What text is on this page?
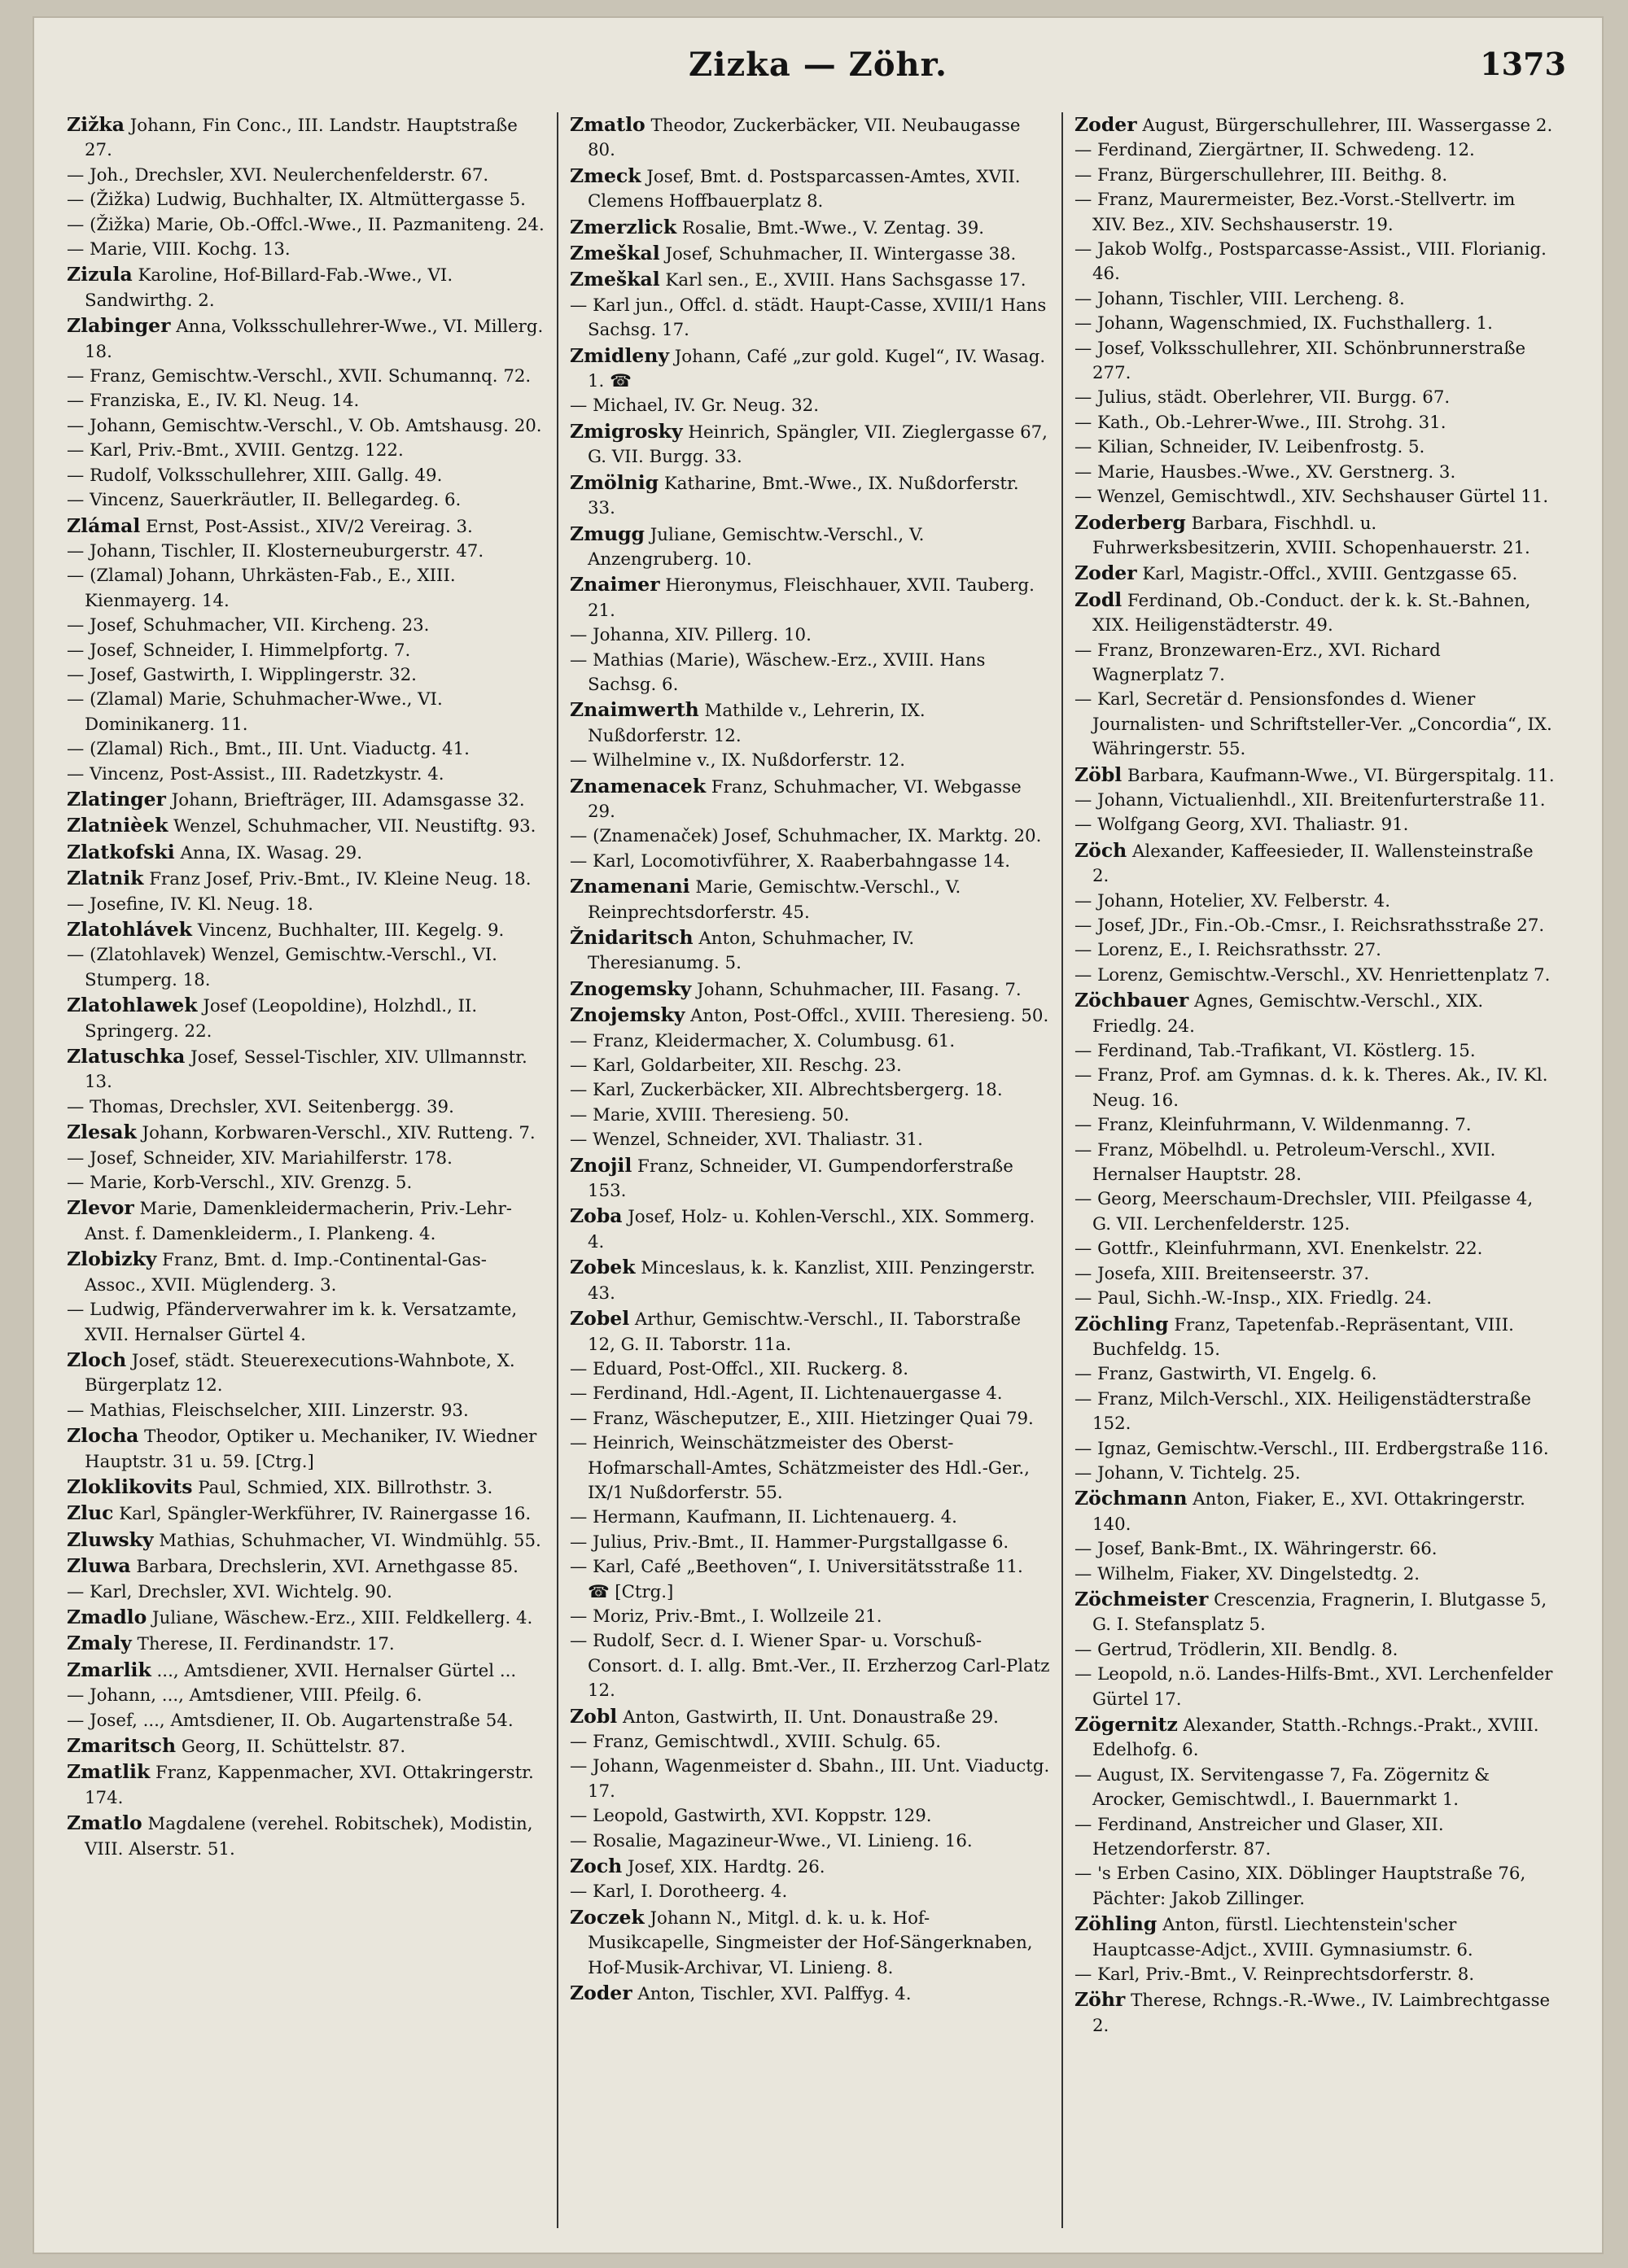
Zizka — Zöhr.	1373
Zižka Johann, Fin Conc., III. Landstr. Hauptstraße 27.
— Joh., Drechsler, XVI. Neulerchenfelderstr. 67.
— (Žižka) Ludwig, Buchhalter, IX. Altmüttergasse 5.
— (Žižka) Marie, Ob.-Offcl.-Wwe., II. Pazmaniteng. 24.
— Marie, VIII. Kochg. 13.
Zizula Karoline, Hof-Billard-Fab.-Wwe., VI. Sandwirthg. 2.
Zlabinger Anna, Volksschullehrer-Wwe., VI. Millerg. 18.
— Franz, Gemischtw.-Verschl., XVII. Schumannq. 72.
— Franziska, E., IV. Kl. Neug. 14.
— Johann, Gemischtw.-Verschl., V. Ob. Amtshausg. 20.
— Karl, Priv.-Bmt., XVIII. Gentzg. 122.
— Rudolf, Volksschullehrer, XIII. Gallg. 49.
— Vincenz, Sauerkräutler, II. Bellegardeg. 6.
Zlámal Ernst, Post-Assist., XIV/2 Vereirag. 3.
— Johann, Tischler, II. Klosterneuburgerstr. 47.
— (Zlamal) Johann, Uhrkästen-Fab., E., XIII. Kienmayerg. 14.
— Josef, Schuhmacher, VII. Kircheng. 23.
— Josef, Schneider, I. Himmelpfortg. 7.
— Josef, Gastwirth, I. Wipplingerstr. 32.
— (Zlamal) Marie, Schuhmacher-Wwe., VI. Dominikanerg. 11.
— (Zlamal) Rich., Bmt., III. Unt. Viaductg. 41.
— Vincenz, Post-Assist., III. Radetzkystr. 4.
Zlatinger Johann, Briefträger, III. Adamsgasse 32.
Zlatnièek Wenzel, Schuhmacher, VII. Neustiftg. 93.
Zlatkofski Anna, IX. Wasag. 29.
Zlatnik Franz Josef, Priv.-Bmt., IV. Kleine Neug. 18.
— Josefine, IV. Kl. Neug. 18.
Zlatohlávek Vincenz, Buchhalter, III. Kegelg. 9.
— (Zlatohlavek) Wenzel, Gemischtw.-Verschl., VI. Stumperg. 18.
Zlatohlawek Josef (Leopoldine), Holzhdl., II. Springerg. 22.
Zlatuschka Josef, Sessel-Tischler, XIV. Ullmannstr. 13.
— Thomas, Drechsler, XVI. Seitenbergg. 39.
Zlesak Johann, Korbwaren-Verschl., XIV. Rutteng. 7.
— Josef, Schneider, XIV. Mariahilferstr. 178.
— Marie, Korb-Verschl., XIV. Grenzg. 5.
Zlevor Marie, Damenkleidermacherin, Priv.-Lehr-Anst. f. Damenkleiderm., I. Plankeng. 4.
Zlobizky Franz, Bmt. d. Imp.-Continental-Gas-Assoc., XVII. Müglenderg. 3.
— Ludwig, Pfänderverwahrer im k. k. Versatzamte, XVII. Hernalser Gürtel 4.
Zloch Josef, städt. Steuerexecutions-Wahnbote, X. Bürgerplatz 12.
— Mathias, Fleischselcher, XIII. Linzerstr. 93.
Zlocha Theodor, Optiker u. Mechaniker, IV. Wiedner Hauptstr. 31 u. 59. [Ctrg.]
Zloklikovits Paul, Schmied, XIX. Billrothstr. 3.
Zluc Karl, Spängler-Werkführer, IV. Rainergasse 16.
Zluwsky Mathias, Schuhmacher, VI. Windmühlg. 55.
Zluwa Barbara, Drechslerin, XVI. Arnethgasse 85.
— Karl, Drechsler, XVI. Wichtelg. 90.
Zmadlo Juliane, Wäschew.-Erz., XIII. Feldkellerg. 4.
Zmaly Therese, II. Ferdinandstr. 17.
Zmarlik ..., Amtsdiener, XVII. Hernalser Gürtel ...
— Johann, ..., Amtsdiener, VIII. Pfeilg. 6.
— Josef, ..., Amtsdiener, II. Ob. Augartenstraße 54.
Zmaritsch Georg, II. Schüttelstr. 87.
Zmatlik Franz, Kappenmacher, XVI. Ottakringerstr. 174.
Zmatlo Magdalene (verehel. Robitschek), Modistin, VIII. Alserstr. 51.
Zmatlo Theodor, Zuckerbäcker, VII. Neubaugasse 80.
Zmeck Josef, Bmt. d. Postsparcassen-Amtes, XVII. Clemens Hoffbauerplatz 8.
Zmerzlick Rosalie, Bmt.-Wwe., V. Zentag. 39.
Zmeškal Josef, Schuhmacher, II. Wintergasse 38.
Zmeškal Karl sen., E., XVIII. Hans Sachsgasse 17.
— Karl jun., Offcl. d. städt. Haupt-Casse, XVIII/1 Hans Sachsg. 17.
Zmidleny Johann, Café „zur gold. Kugel“, IV. Wasag. 1. ☎
— Michael, IV. Gr. Neug. 32.
Zmigrosky Heinrich, Spängler, VII. Zieglergasse 67, G. VII. Burgg. 33.
Zmölnig Katharine, Bmt.-Wwe., IX. Nußdorferstr. 33.
Zmugg Juliane, Gemischtw.-Verschl., V. Anzengruberg. 10.
Znaimer Hieronymus, Fleischhauer, XVII. Tauberg. 21.
— Johanna, XIV. Pillerg. 10.
— Mathias (Marie), Wäschew.-Erz., XVIII. Hans Sachsg. 6.
Znaimwerth Mathilde v., Lehrerin, IX. Nußdorferstr. 12.
— Wilhelmine v., IX. Nußdorferstr. 12.
Znamenacek Franz, Schuhmacher, VI. Webgasse 29.
— (Znamenaček) Josef, Schuhmacher, IX. Marktg. 20.
— Karl, Locomotivführer, X. Raaberbahngasse 14.
Znamenani Marie, Gemischtw.-Verschl., V. Reinprechtsdorferstr. 45.
Žnidaritsch Anton, Schuhmacher, IV. Theresianumg. 5.
Znogemsky Johann, Schuhmacher, III. Fasang. 7.
Znojemsky Anton, Post-Offcl., XVIII. Theresieng. 50.
— Franz, Kleidermacher, X. Columbusg. 61.
— Karl, Goldarbeiter, XII. Reschg. 23.
— Karl, Zuckerbäcker, XII. Albrechtsbergerg. 18.
— Marie, XVIII. Theresieng. 50.
— Wenzel, Schneider, XVI. Thaliastr. 31.
Znojil Franz, Schneider, VI. Gumpendorferstraße 153.
Zoba Josef, Holz- u. Kohlen-Verschl., XIX. Sommerg. 4.
Zobek Minceslaus, k. k. Kanzlist, XIII. Penzingerstr. 43.
Zobel Arthur, Gemischtw.-Verschl., II. Taborstraße 12, G. II. Taborstr. 11a.
— Eduard, Post-Offcl., XII. Ruckerg. 8.
— Ferdinand, Hdl.-Agent, II. Lichtenauergasse 4.
— Franz, Wäscheputzer, E., XIII. Hietzinger Quai 79.
— Heinrich, Weinschätzmeister des Oberst-Hofmarschall-Amtes, Schätzmeister des Hdl.-Ger., IX/1 Nußdorferstr. 55.
— Hermann, Kaufmann, II. Lichtenauerg. 4.
— Julius, Priv.-Bmt., II. Hammer-Purgstallgasse 6.
— Karl, Café „Beethoven“, I. Universitätsstraße 11. ☎ [Ctrg.]
— Moriz, Priv.-Bmt., I. Wollzeile 21.
— Rudolf, Secr. d. I. Wiener Spar- u. Vorschuß-Consort. d. I. allg. Bmt.-Ver., II. Erzherzog Carl-Platz 12.
Zobl Anton, Gastwirth, II. Unt. Donaustraße 29.
— Franz, Gemischtwdl., XVIII. Schulg. 65.
— Johann, Wagenmeister d. Sbahn., III. Unt. Viaductg. 17.
— Leopold, Gastwirth, XVI. Koppstr. 129.
— Rosalie, Magazineur-Wwe., VI. Linieng. 16.
Zoch Josef, XIX. Hardtg. 26.
— Karl, I. Dorotheerg. 4.
Zoczek Johann N., Mitgl. d. k. u. k. Hof-Musikcapelle, Singmeister der Hof-Sängerknaben, Hof-Musik-Archivar, VI. Linieng. 8.
Zoder Anton, Tischler, XVI. Palffyg. 4.
Zoder August, Bürgerschullehrer, III. Wassergasse 2.
— Ferdinand, Ziergärtner, II. Schwedeng. 12.
— Franz, Bürgerschullehrer, III. Beithg. 8.
— Franz, Maurermeister, Bez.-Vorst.-Stellvertr. im XIV. Bez., XIV. Sechshauserstr. 19.
— Jakob Wolfg., Postsparcasse-Assist., VIII. Florianig. 46.
— Johann, Tischler, VIII. Lercheng. 8.
— Johann, Wagenschmied, IX. Fuchsthallerg. 1.
— Josef, Volksschullehrer, XII. Schönbrunnerstraße 277.
— Julius, städt. Oberlehrer, VII. Burgg. 67.
— Kath., Ob.-Lehrer-Wwe., III. Strohg. 31.
— Kilian, Schneider, IV. Leibenfrostg. 5.
— Marie, Hausbes.-Wwe., XV. Gerstnerg. 3.
— Wenzel, Gemischtwdl., XIV. Sechshauser Gürtel 11.
Zoderberg Barbara, Fischhdl. u. Fuhrwerksbesitzerin, XVIII. Schopenhauerstr. 21.
Zoder Karl, Magistr.-Offcl., XVIII. Gentzgasse 65.
Zodl Ferdinand, Ob.-Conduct. der k. k. St.-Bahnen, XIX. Heiligenstädterstr. 49.
— Franz, Bronzewaren-Erz., XVI. Richard Wagnerplatz 7.
— Karl, Secretär d. Pensionsfondes d. Wiener Journalisten- und Schriftsteller-Ver. „Concordia“, IX. Währingerstr. 55.
Zöbl Barbara, Kaufmann-Wwe., VI. Bürgerspitalg. 11.
— Johann, Victualienhdl., XII. Breitenfurterstraße 11.
— Wolfgang Georg, XVI. Thaliastr. 91.
Zöch Alexander, Kaffeesieder, II. Wallensteinstraße 2.
— Johann, Hotelier, XV. Felberstr. 4.
— Josef, JDr., Fin.-Ob.-Cmsr., I. Reichsrathsstraße 27.
— Lorenz, E., I. Reichsrathsstr. 27.
— Lorenz, Gemischtw.-Verschl., XV. Henriettenplatz 7.
Zöchbauer Agnes, Gemischtw.-Verschl., XIX. Friedlg. 24.
— Ferdinand, Tab.-Trafikant, VI. Köstlerg. 15.
— Franz, Prof. am Gymnas. d. k. k. Theres. Ak., IV. Kl. Neug. 16.
— Franz, Kleinfuhrmann, V. Wildenmanng. 7.
— Franz, Möbelhdl. u. Petroleum-Verschl., XVII. Hernalser Hauptstr. 28.
— Georg, Meerschaum-Drechsler, VIII. Pfeilgasse 4, G. VII. Lerchenfelderstr. 125.
— Gottfr., Kleinfuhrmann, XVI. Enenkelstr. 22.
— Josefa, XIII. Breitenseerstr. 37.
— Paul, Sichh.-W.-Insp., XIX. Friedlg. 24.
Zöchling Franz, Tapetenfab.-Repräsentant, VIII. Buchfeldg. 15.
— Franz, Gastwirth, VI. Engelg. 6.
— Franz, Milch-Verschl., XIX. Heiligenstädterstraße 152.
— Ignaz, Gemischtw.-Verschl., III. Erdbergstraße 116.
— Johann, V. Tichtelg. 25.
Zöchmann Anton, Fiaker, E., XVI. Ottakringerstr. 140.
— Josef, Bank-Bmt., IX. Währingerstr. 66.
— Wilhelm, Fiaker, XV. Dingelstedtg. 2.
Zöchmeister Crescenzia, Fragnerin, I. Blutgasse 5, G. I. Stefansplatz 5.
— Gertrud, Trödlerin, XII. Bendlg. 8.
— Leopold, n.ö. Landes-Hilfs-Bmt., XVI. Lerchenfelder Gürtel 17.
Zögernitz Alexander, Statth.-Rchngs.-Prakt., XVIII. Edelhofg. 6.
— August, IX. Servitengasse 7, Fa. Zögernitz & Arocker, Gemischtwdl., I. Bauernmarkt 1.
— Ferdinand, Anstreicher und Glaser, XII. Hetzendorferstr. 87.
— 's Erben Casino, XIX. Döblinger Hauptstraße 76, Pächter: Jakob Zillinger.
Zöhling Anton, fürstl. Liechtenstein'scher Hauptcasse-Adjct., XVIII. Gymnasiumstr. 6.
— Karl, Priv.-Bmt., V. Reinprechtsdorferstr. 8.
Zöhr Therese, Rchngs.-R.-Wwe., IV. Laimbrechtgasse 2.
